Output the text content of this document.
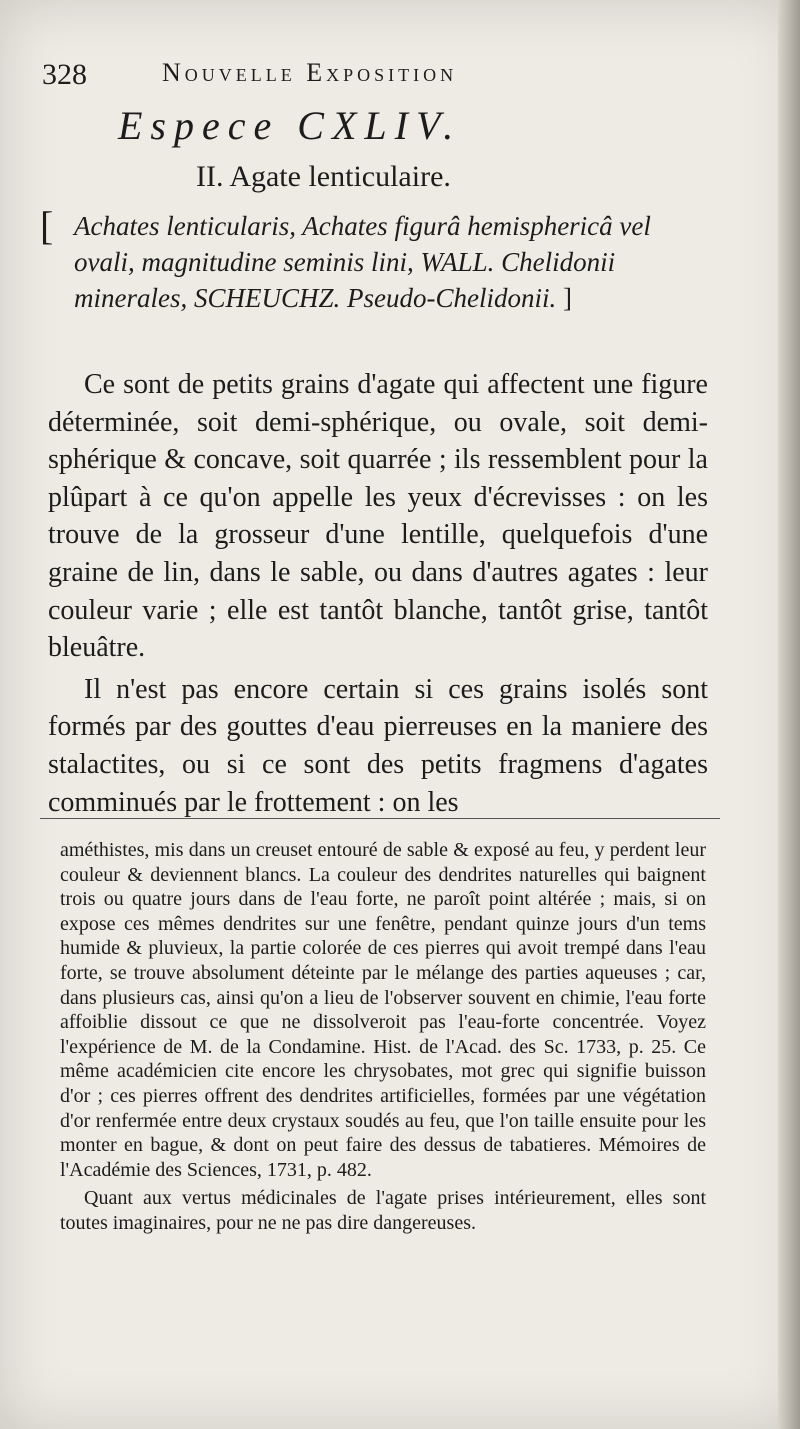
328	Nouvelle Exposition
Espece CXLIV.
II. Agate lenticulaire.
[ Achates lenticularis, Achates figurâ hemisphericâ vel ovali, magnitudine seminis lini, WALL. Chelidonii minerales, SCHEUCHZ. Pseudo-Chelidonii. ]

Ce sont de petits grains d'agate qui affectent une figure déterminée, soit demi-sphérique, ou ovale, soit demi-sphérique & concave, soit quarrée ; ils ressemblent pour la plûpart à ce qu'on appelle les yeux d'écrevisses : on les trouve de la grosseur d'une lentille, quelquefois d'une graine de lin, dans le sable, ou dans d'autres agates : leur couleur varie ; elle est tantôt blanche, tantôt grise, tantôt bleuâtre.

Il n'est pas encore certain si ces grains isolés sont formés par des gouttes d'eau pierreuses en la maniere des stalactites, ou si ce sont des petits fragmens d'agates comminués par le frottement : on les

améthistes, mis dans un creuset entouré de sable & exposé au feu, y perdent leur couleur & deviennent blancs. La couleur des dendrites naturelles qui baignent trois ou quatre jours dans de l'eau forte, ne paroît point altérée ; mais, si on expose ces mêmes dendrites sur une fenêtre, pendant quinze jours d'un tems humide & pluvieux, la partie colorée de ces pierres qui avoit trempé dans l'eau forte, se trouve absolument déteinte par le mélange des parties aqueuses ; car, dans plusieurs cas, ainsi qu'on a lieu de l'observer souvent en chimie, l'eau forte affoiblie dissout ce que ne dissolveroit pas l'eau-forte concentrée. Voyez l'expérience de M. de la Condamine. Hist. de l'Acad. des Sc. 1733, p. 25. Ce même académicien cite encore les chrysobates, mot grec qui signifie buisson d'or ; ces pierres offrent des dendrites artificielles, formées par une végétation d'or renfermée entre deux crystaux soudés au feu, que l'on taille ensuite pour les monter en bague, & dont on peut faire des dessus de tabatieres. Mémoires de l'Académie des Sciences, 1731, p. 482.

Quant aux vertus médicinales de l'agate prises intérieurement, elles sont toutes imaginaires, pour ne ne pas dire dangereuses.
